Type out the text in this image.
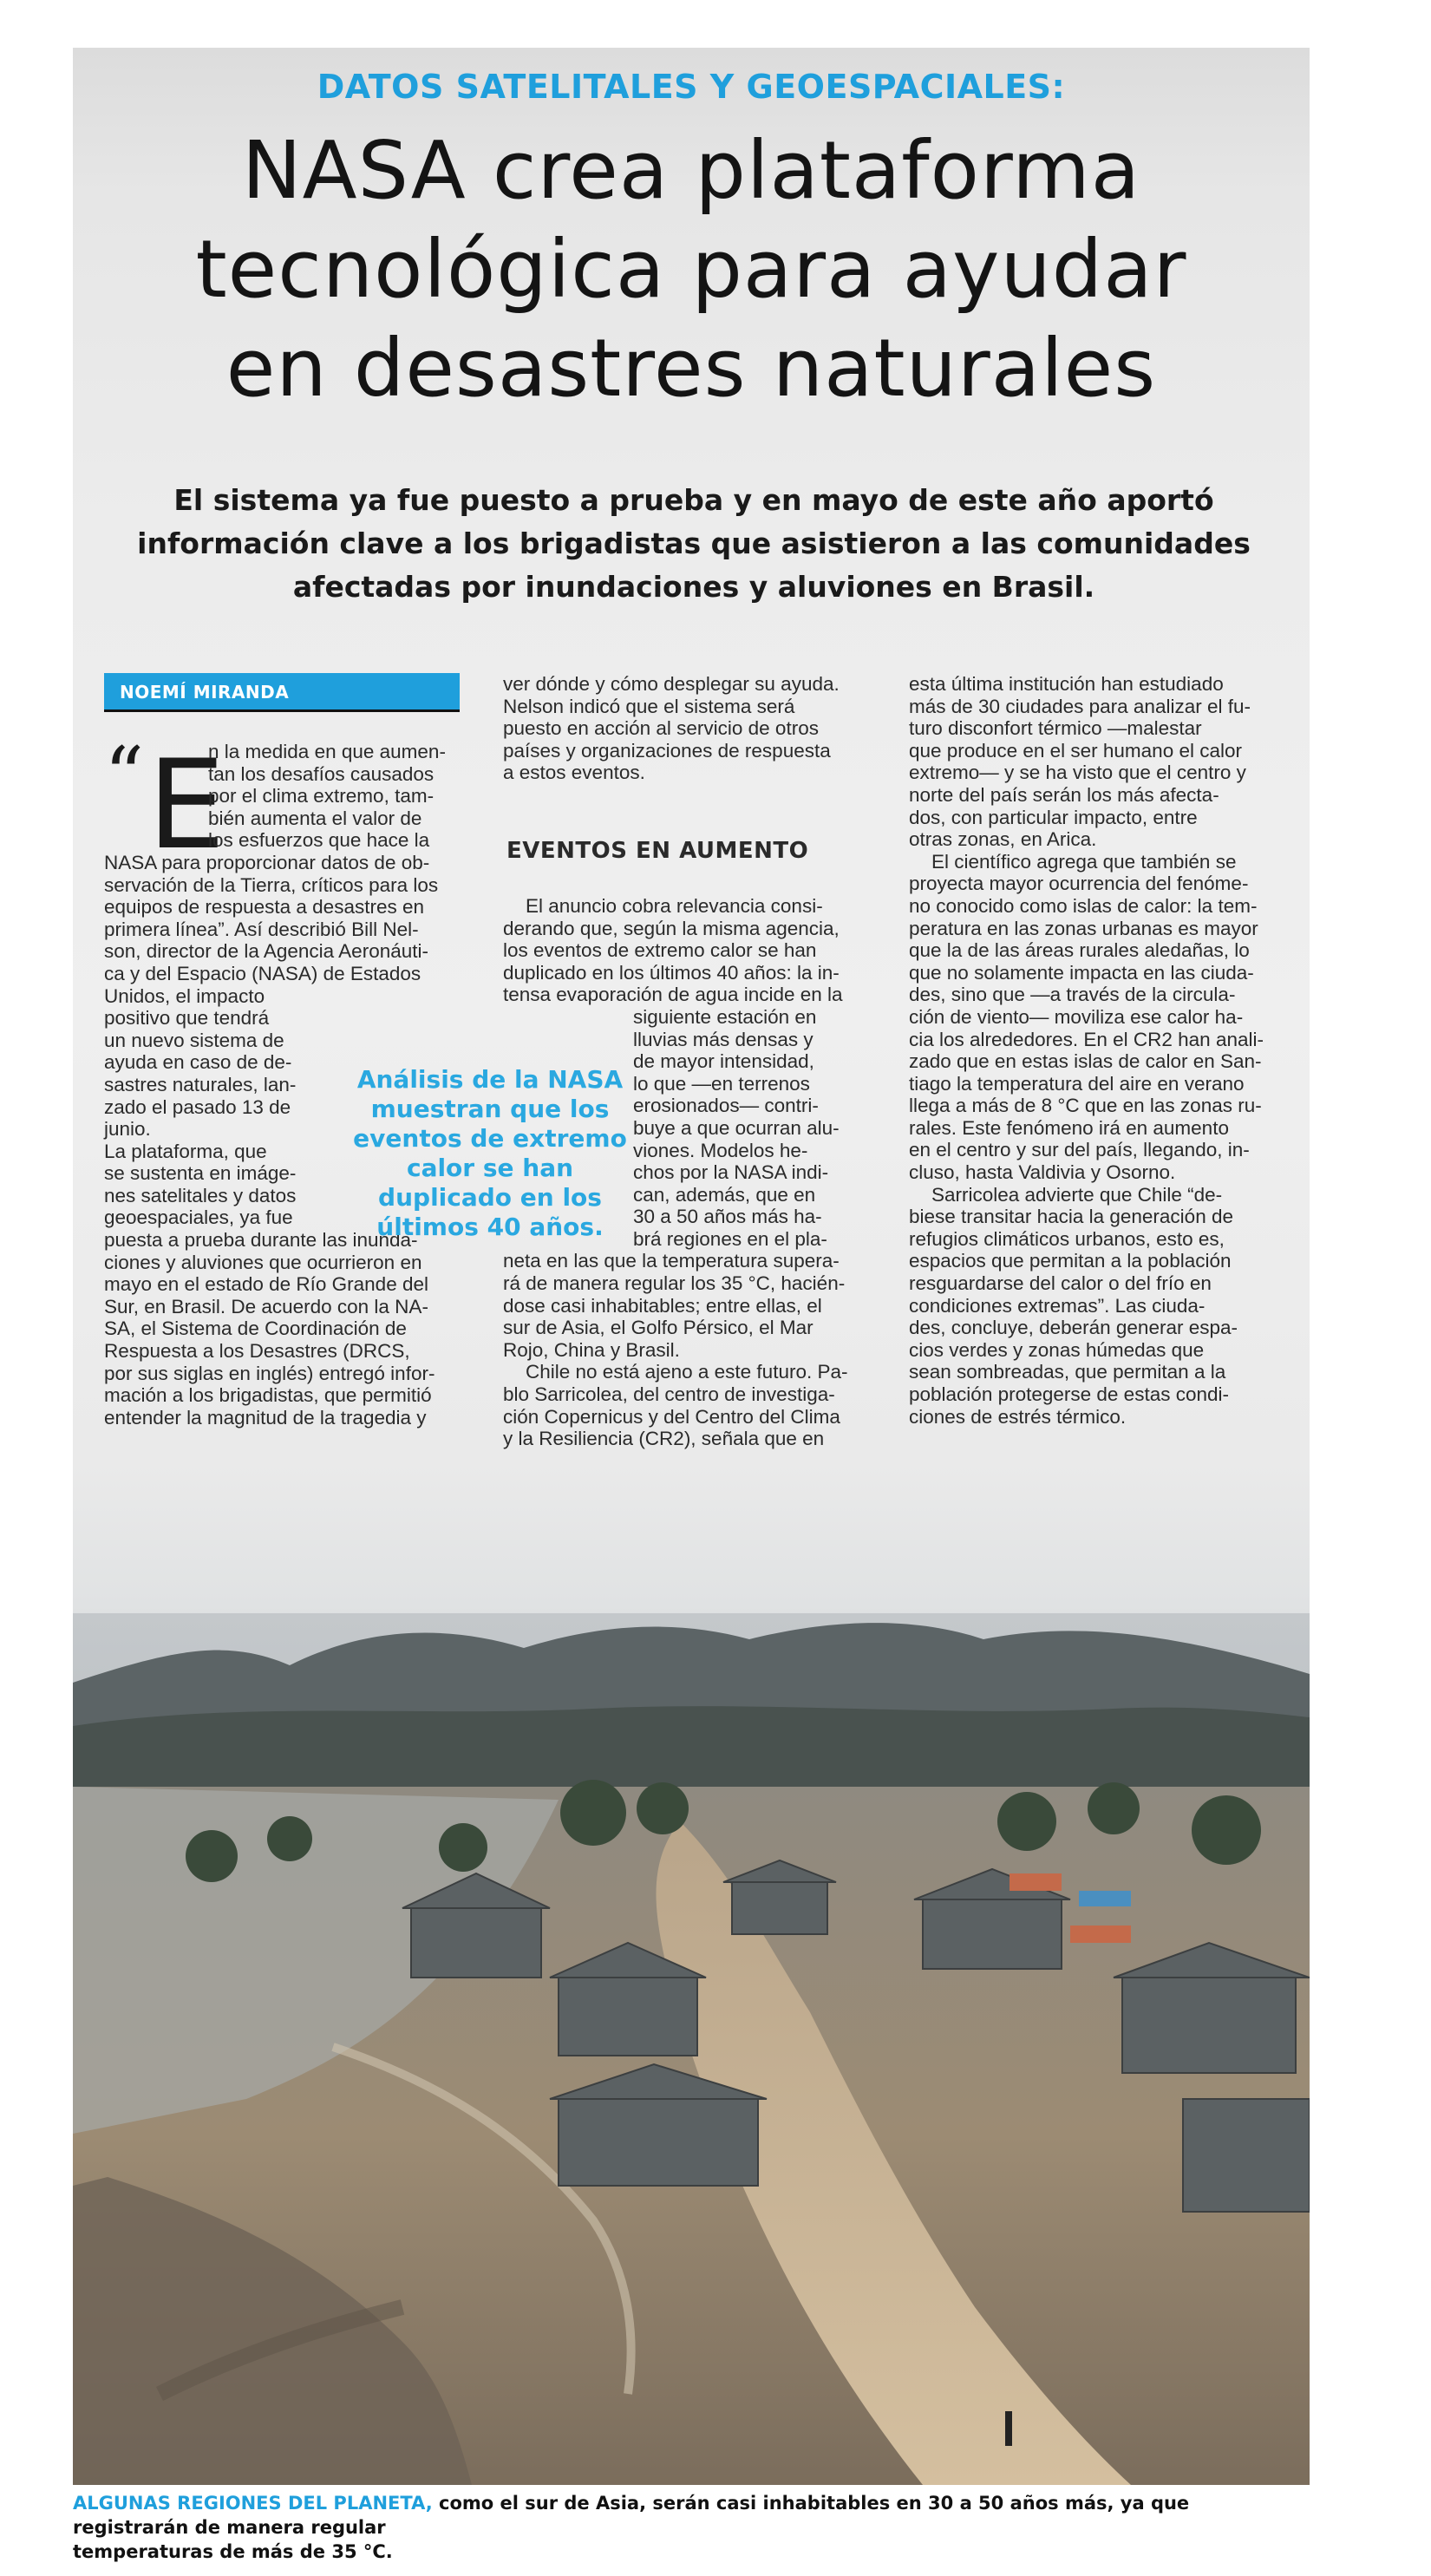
DATOS SATELITALES Y GEOESPACIALES:
NASA crea plataforma
tecnológica para ayudar
en desastres naturales
El sistema ya fue puesto a prueba y en mayo de este año aportó
información clave a los brigadistas que asistieron a las comunidades
afectadas por inundaciones y aluviones en Brasil.
NOEMÍ MIRANDA
“ E
n la medida en que aumen-
tan los desafíos causados
por el clima extremo, tam-
bién aumenta el valor de
los esfuerzos que hace la
NASA para proporcionar datos de ob-
servación de la Tierra, críticos para los
equipos de respuesta a desastres en
primera línea”. Así describió Bill Nel-
son, director de la Agencia Aeronáuti-
ca y del Espacio (NASA) de Estados
Unidos, el impacto
positivo que tendrá
un nuevo sistema de
ayuda en caso de de-
sastres naturales, lan-
zado el pasado 13 de
junio.
La plataforma, que
se sustenta en imáge-
nes satelitales y datos
geoespaciales, ya fue
puesta a prueba durante las inunda-
ciones y aluviones que ocurrieron en
mayo en el estado de Río Grande del
Sur, en Brasil. De acuerdo con la NA-
SA, el Sistema de Coordinación de
Respuesta a los Desastres (DRCS,
por sus siglas en inglés) entregó infor-
mación a los brigadistas, que permitió
entender la magnitud de la tragedia y
ver dónde y cómo desplegar su ayuda.
Nelson indicó que el sistema será
puesto en acción al servicio de otros
países y organizaciones de respuesta
a estos eventos.
El anuncio cobra relevancia consi-
derando que, según la misma agencia,
los eventos de extremo calor se han
duplicado en los últimos 40 años: la in-
tensa evaporación de agua incide en la
siguiente estación en
lluvias más densas y
de mayor intensidad,
lo que —en terrenos
erosionados— contri-
buye a que ocurran alu-
viones. Modelos he-
chos por la NASA indi-
can, además, que en
30 a 50 años más ha-
brá regiones en el pla-
neta en las que la temperatura supera-
rá de manera regular los 35 °C, hacién-
dose casi inhabitables; entre ellas, el
sur de Asia, el Golfo Pérsico, el Mar
Rojo, China y Brasil.
Chile no está ajeno a este futuro. Pa-
blo Sarricolea, del centro de investiga-
ción Copernicus y del Centro del Clima
y la Resiliencia (CR2), señala que en
EVENTOS EN AUMENTO
esta última institución han estudiado
más de 30 ciudades para analizar el fu-
turo disconfort térmico —malestar
que produce en el ser humano el calor
extremo— y se ha visto que el centro y
norte del país serán los más afecta-
dos, con particular impacto, entre
otras zonas, en Arica.
El científico agrega que también se
proyecta mayor ocurrencia del fenóme-
no conocido como islas de calor: la tem-
peratura en las zonas urbanas es mayor
que la de las áreas rurales aledañas, lo
que no solamente impacta en las ciuda-
des, sino que —a través de la circula-
ción de viento— moviliza ese calor ha-
cia los alrededores. En el CR2 han anali-
zado que en estas islas de calor en San-
tiago la temperatura del aire en verano
llega a más de 8 °C que en las zonas ru-
rales. Este fenómeno irá en aumento
en el centro y sur del país, llegando, in-
cluso, hasta Valdivia y Osorno.
Sarricolea advierte que Chile “de-
biese transitar hacia la generación de
refugios climáticos urbanos, esto es,
espacios que permitan a la población
resguardarse del calor o del frío en
condiciones extremas”. Las ciuda-
des, concluye, deberán generar espa-
cios verdes y zonas húmedas que
sean sombreadas, que permitan a la
población protegerse de estas condi-
ciones de estrés térmico.
Análisis de la NASA
muestran que los
eventos de extremo
calor se han
duplicado en los
últimos 40 años.
ALGUNAS REGIONES DEL PLANETA, como el sur de Asia, serán casi inhabitables en 30 a 50 años más, ya que registrarán de manera regular
temperaturas de más de 35 °C.
